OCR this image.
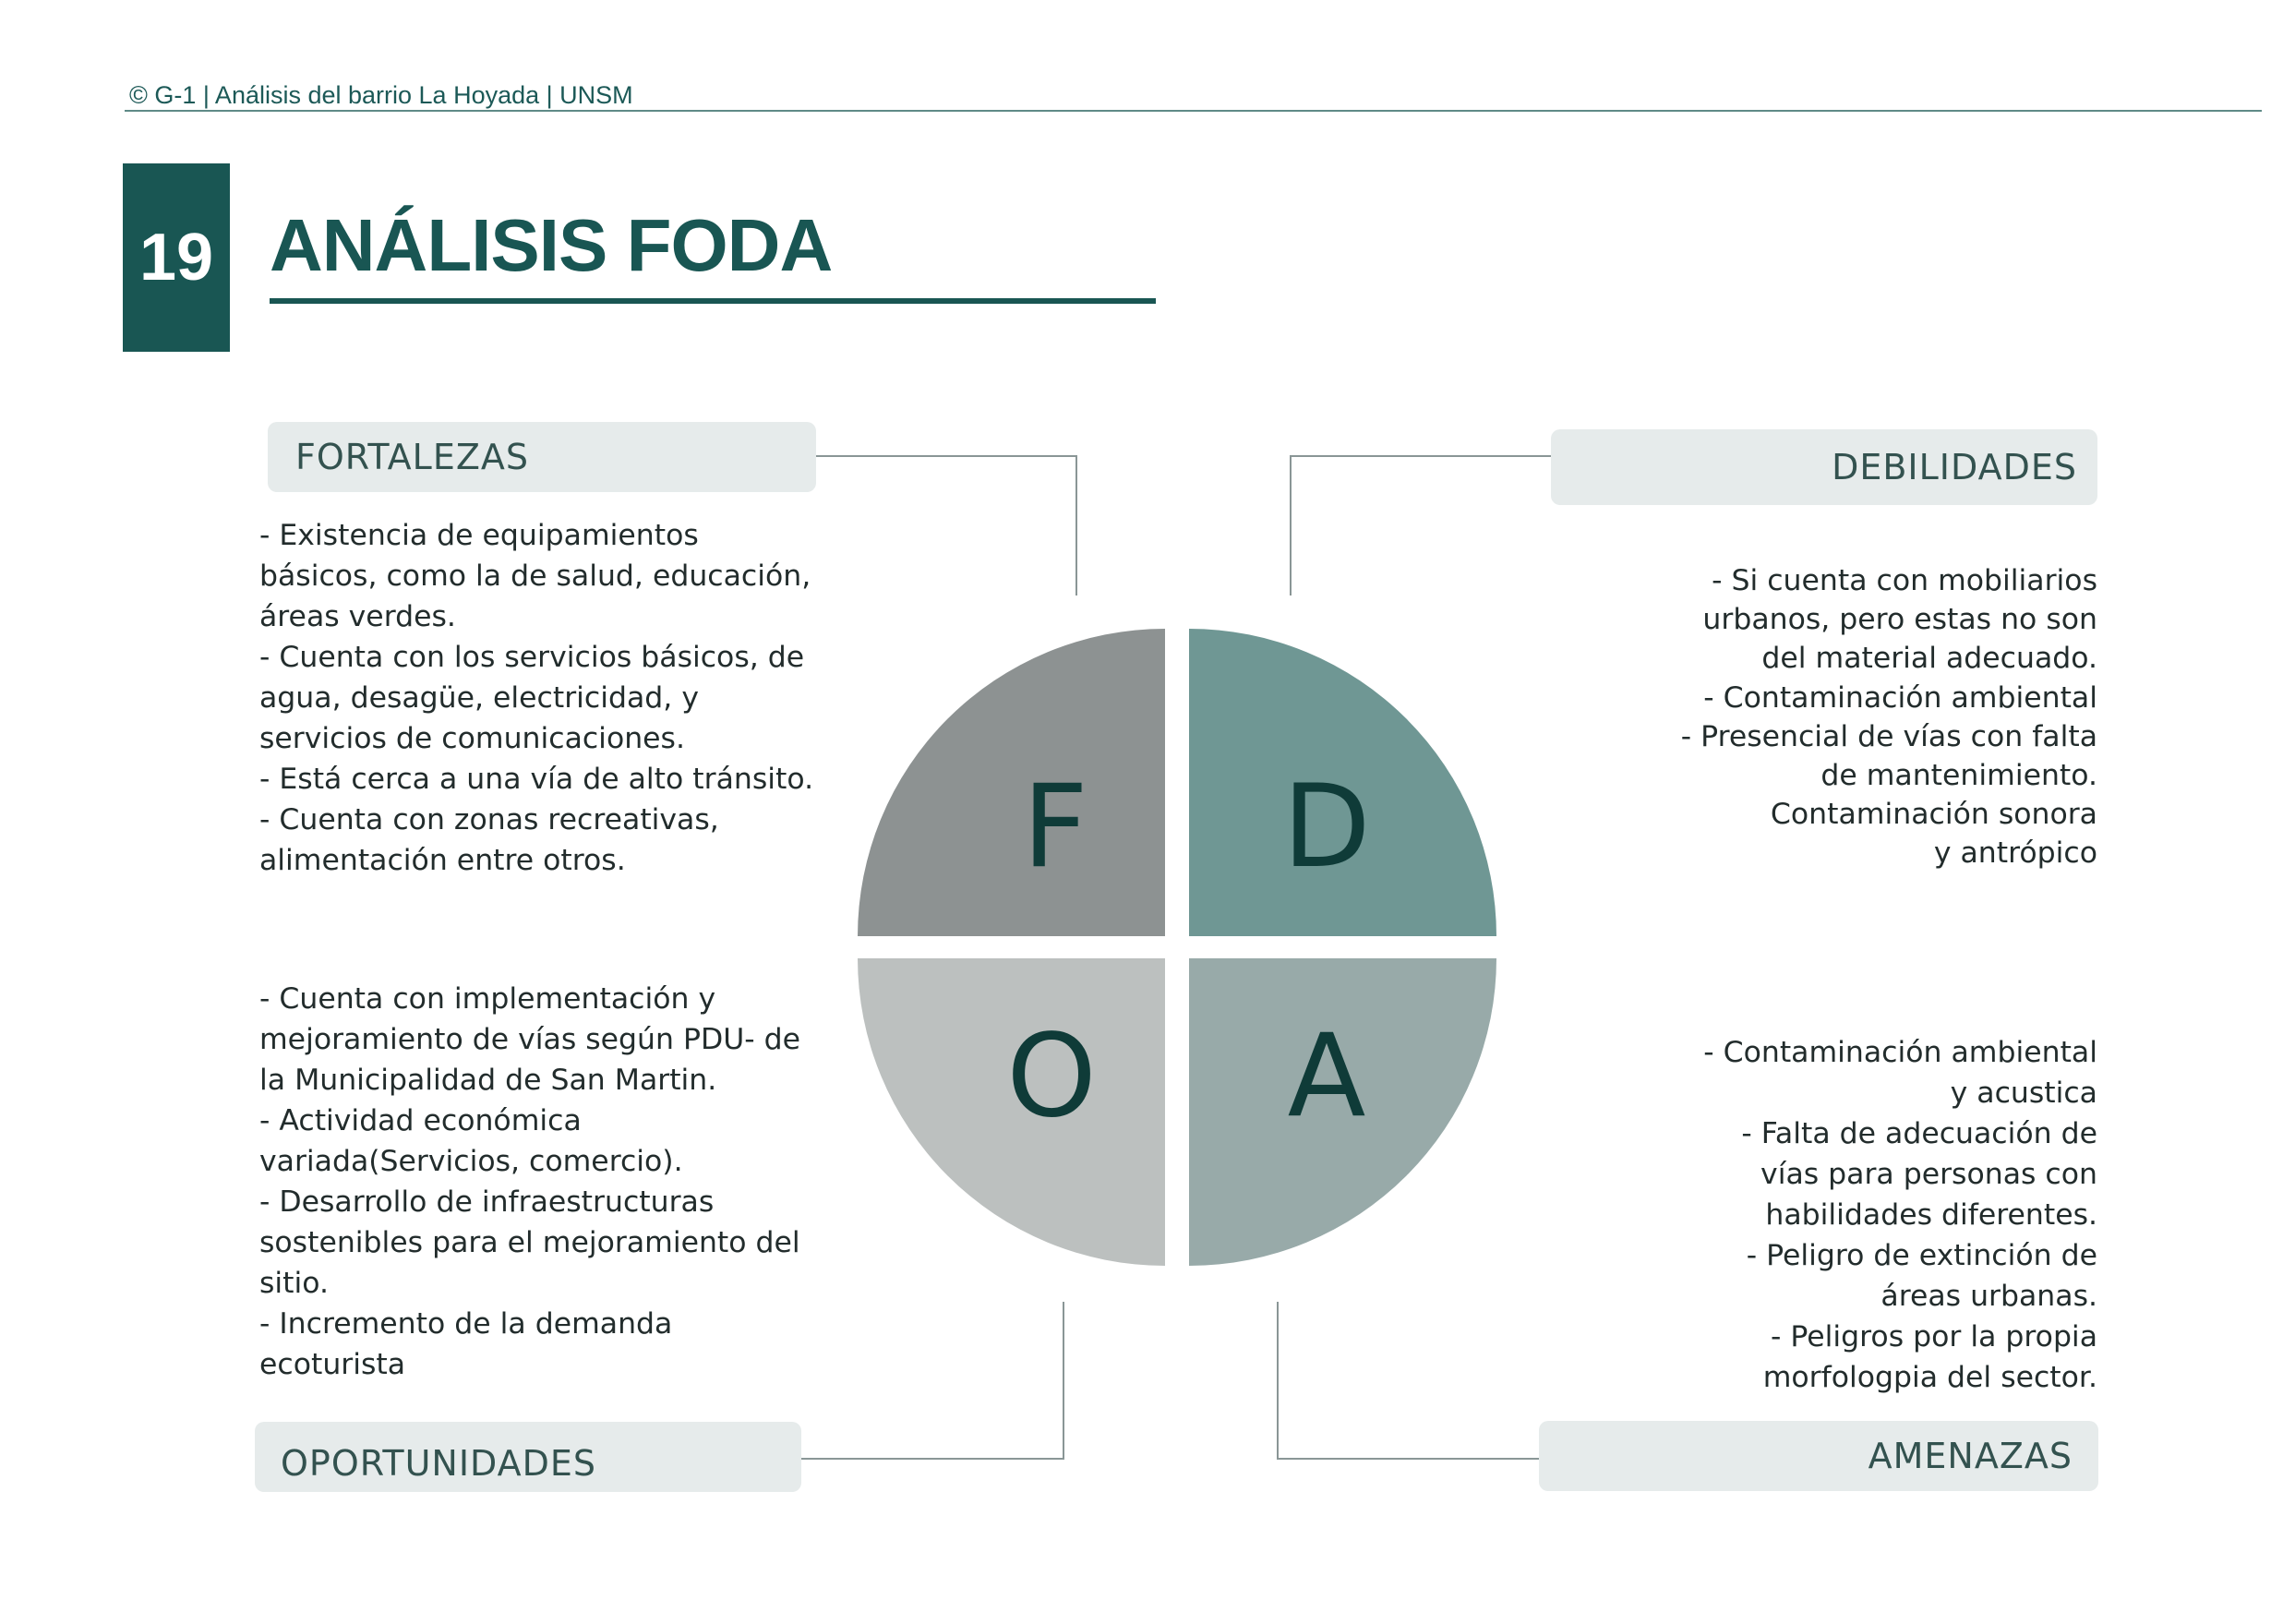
© G-1 | Análisis del barrio La Hoyada | UNSM
19 ANÁLISIS FODA
FORTALEZAS	DEBILIDADES
OPORTUNIDADES	AMENAZAS
- Existencia de equipamientos
básicos, como la de salud, educación,
áreas verdes.
- Cuenta con los servicios básicos, de
agua, desagüe, electricidad, y
servicios de comunicaciones.
- Está cerca a una vía de alto tránsito.
- Cuenta con zonas recreativas,
alimentación entre otros.
- Si cuenta con mobiliarios
urbanos, pero estas no son
del material adecuado.
- Contaminación ambiental
- Presencial de vías con falta
de mantenimiento.
Contaminación sonora
y antrópico
- Cuenta con implementación y
mejoramiento de vías según PDU- de
la Municipalidad de San Martin.
- Actividad económica
variada(Servicios, comercio).
- Desarrollo de infraestructuras
sostenibles para el mejoramiento del
sitio.
- Incremento de la demanda
ecoturista
- Contaminación ambiental
y acustica
- Falta de adecuación de
vías para personas con
habilidades diferentes.
- Peligro de extinción de
áreas urbanas.
- Peligros por la propia
morfologpia del sector.
F D
O A
